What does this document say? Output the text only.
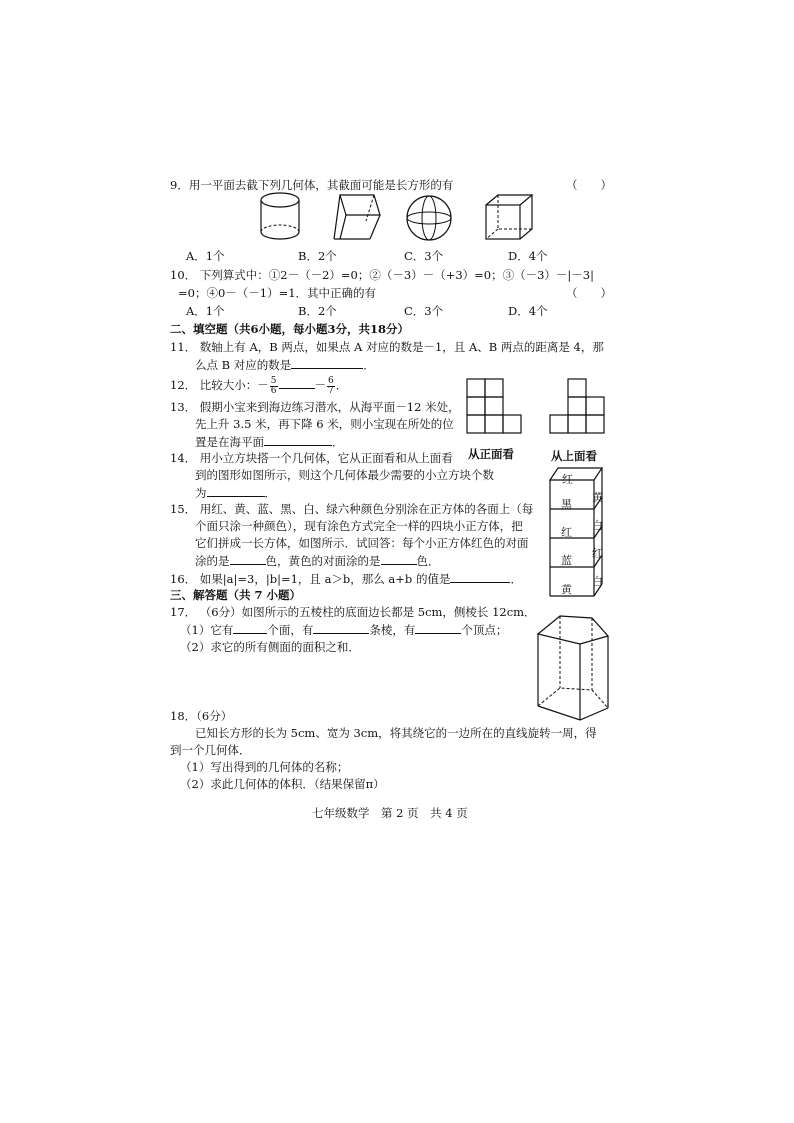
9．用一平面去截下列几何体，其截面可能是长方形的有	（　　）
A．1个	B．2个	C．3个	D．4个
10． 下列算式中：①2－（－2）=0；②（－3）－（+3）=0；③（－3）－|－3|
=0；④0－（－1）=1．其中正确的有	（　　）
A．1个	B．2个	C．3个	D．4个
二、填空题（共6小题，每小题3分，共18分）
11． 数轴上有 A，B 两点，如果点 A 对应的数是－1，且 A、B 两点的距离是 4，那
么点 B 对应的数是	．
12． 比较大小：－ $\frac{5}{6}$	－ $\frac{6}{7}$ ．
13． 假期小宝来到海边练习潜水，从海平面－12 米处，
先上升 3.5 米，再下降 6 米，则小宝现在所处的位
置是在海平面	．
从正面看	从上面看
14． 用小立方块搭一个几何体，它从正面看和从上面看
到的图形如图所示，则这个几何体最少需要的小立方块个数
为	．
15． 用红、黄、蓝、黑、白、绿六种颜色分别涂在正方体的各面上（每
个面只涂一种颜色），现有涂色方式完全一样的四块小正方体，把
它们拼成一长方体，如图所示．试回答：每个小正方体红色的对面
涂的是	色，黄色的对面涂的是	色．
红
黑
红
蓝
黄
黄
白
红
白
16． 如果|a|=3，|b|=1，且 a＞b，那么 a+b 的值是	．
三、解答题（共 7 小题）
17． （6分）如图所示的五棱柱的底面边长都是 5cm，侧棱长 12cm．
（1）它有	个面，有	条棱，有	个顶点；
（2）求它的所有侧面的面积之和．
18．（6分）
已知长方形的长为 5cm、宽为 3cm，将其绕它的一边所在的直线旋转一周，得
到一个几何体．
（1）写出得到的几何体的名称；
（2）求此几何体的体积．（结果保留π）
七年级数学　第 2 页　共 4 页
